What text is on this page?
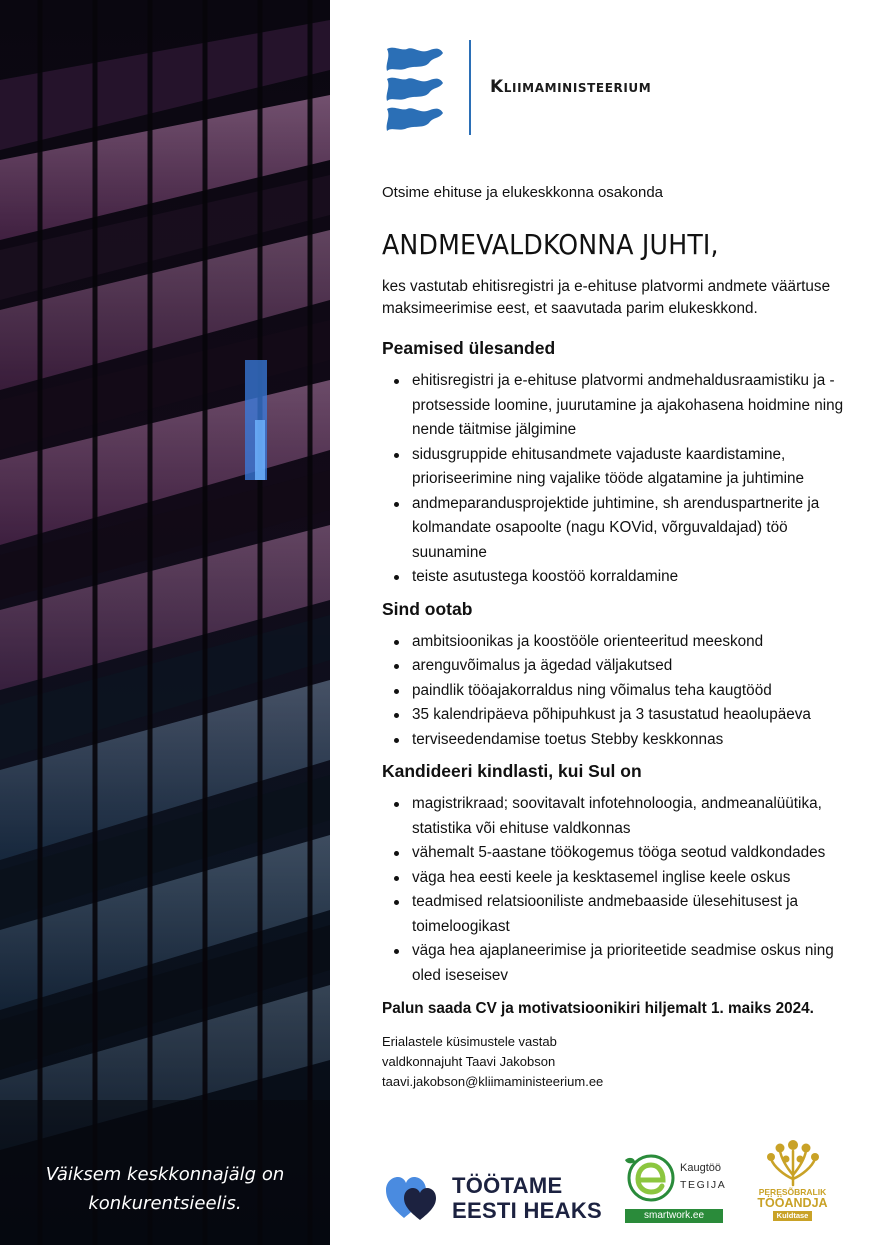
Väiksem keskkonnajälg on
konkurentsieelis.
Kliimaministeerium
Otsime ehituse ja elukeskkonna osakonda
ANDMEVALDKONNA JUHTI,

kes vastutab ehitisregistri ja e-ehituse platvormi andmete väärtuse maksimeerimise eest, et saavutada parim elukeskkond.

Peamised ülesanded
ehitisregistri ja e-ehituse platvormi andmehaldusraamistiku ja -protsesside loomine, juurutamine ja ajakohasena hoidmine ning nende täitmise jälgimine
sidusgruppide ehitusandmete vajaduste kaardistamine, prioriseerimine ning vajalike tööde algatamine ja juhtimine
andmeparandusprojektide juhtimine, sh arenduspartnerite ja kolmandate osapoolte (nagu KOVid, võrguvaldajad) töö suunamine
teiste asutustega koostöö korraldamine
Sind ootab
ambitsioonikas ja koostööle orienteeritud meeskond
arenguvõimalus ja ägedad väljakutsed
paindlik tööajakorraldus ning võimalus teha kaugtööd
35 kalendripäeva põhipuhkust ja 3 tasustatud heaolupäeva
terviseedendamise toetus Stebby keskkonnas
Kandideeri kindlasti, kui Sul on
magistrikraad; soovitavalt infotehnoloogia, andmeanalüütika, statistika või ehituse valdkonnas
vähemalt 5-aastane töökogemus tööga seotud valdkondades
väga hea eesti keele ja kesktasemel inglise keele oskus
teadmised relatsiooniliste andmebaaside ülesehitusest ja toimeloogikast
väga hea ajaplaneerimise ja prioriteetide seadmise oskus ning oled iseseisev

Palun saada CV ja motivatsioonikiri hiljemalt 1. maiks 2024.

Erialastele küsimustele vastab
valdkonnajuht Taavi Jakobson
taavi.jakobson@kliimaministeerium.ee
TÖÖTAME
EESTI HEAKS
Kaugtöö
TEGIJA
smartwork.ee
PERESÕBRALIK
TÖÖANDJA
Kuldtase
